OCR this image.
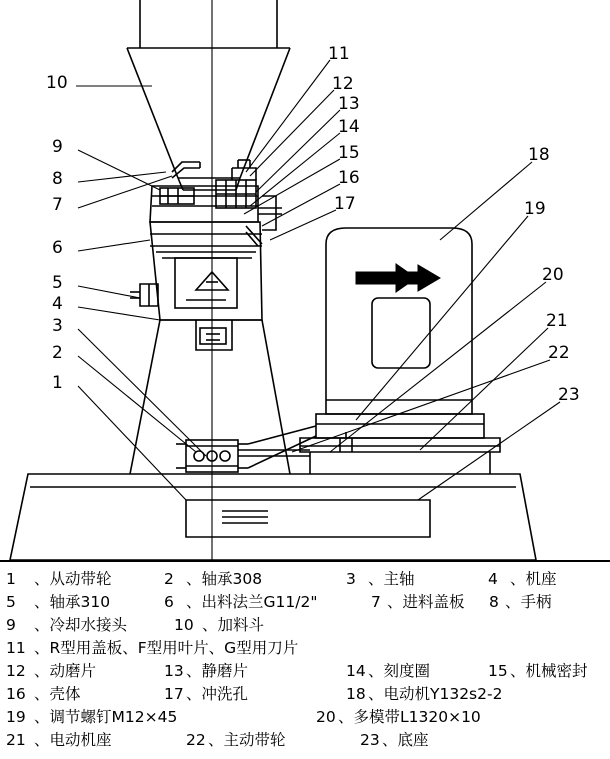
1
2
3
4
5
6
7
8
9
10
11
12
13
14
15
16
17
18
19
20
21
22
23
1	、从动带轮	2 、轴承308	3 、主轴	4 、机座
5	、轴承310	6 、出料法兰G11/2"	7 、进料盖板	8 、手柄
9	、冷却水接头	10 、加料斗
11 、R型用盖板、F型用叶片、G型用刀片
12 、动磨片	13 、静磨片	14 、刻度圈	15 、机械密封
16 、壳体	17 、冲洗孔	18 、电动机Y132s2-2
19 、调节螺钉M12×45	20 、多模带L1320×10
21 、电动机座	22 、主动带轮	23 、底座
